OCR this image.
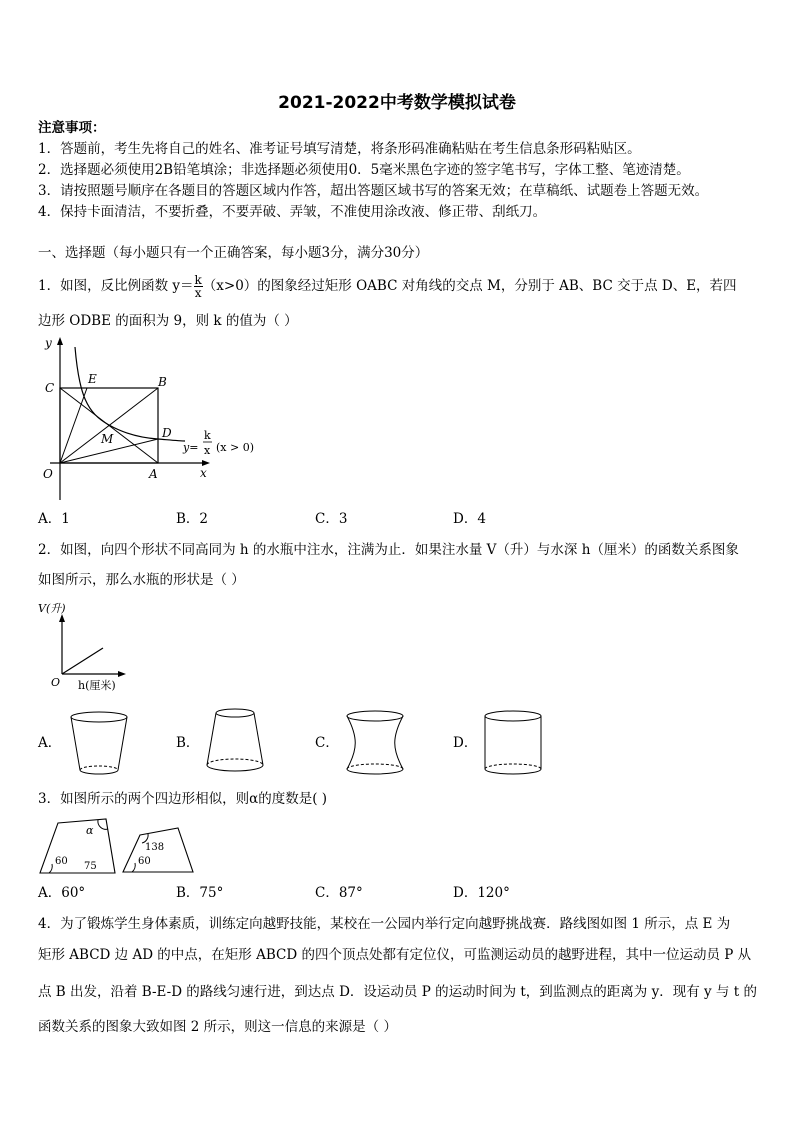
2021-2022中考数学模拟试卷
注意事项：
1．答题前，考生先将自己的姓名、准考证号填写清楚，将条形码准确粘贴在考生信息条形码粘贴区。
2．选择题必须使用2B铅笔填涂；非选择题必须使用0．5毫米黑色字迹的签字笔书写，字体工整、笔迹清楚。
3．请按照题号顺序在各题目的答题区域内作答，超出答题区域书写的答案无效；在草稿纸、试题卷上答题无效。
4．保持卡面清洁，不要折叠，不要弄破、弄皱，不准使用涂改液、修正带、刮纸刀。
一、选择题（每小题只有一个正确答案，每小题3分，满分30分）
1．如图，反比例函数 $y= \frac{k}{x} (x>0)$的图象经过矩形 OABC 对角线的交点 M，分别于 AB、BC 交于点 D、E，若四
边形 ODBE 的面积为 9，则 k 的值为（ ）
y
x
O	A
B
C
D
E
M
y=
k
x (x > 0)
A．1	B．2	C．3	D．4
2．如图，向四个形状不同高同为 h 的水瓶中注水，注满为止．如果注水量 V（升）与水深 h（厘米）的函数关系图象
如图所示，那么水瓶的形状是（ ）
V(升)
O h(厘米)
A．	B．	C．	D．
3．如图所示的两个四边形相似，则α的度数是( )
60 75
α
60
138
A．60°	B．75°	C．87°	D．120°
4．为了锻炼学生身体素质，训练定向越野技能，某校在一公园内举行定向越野挑战赛．路线图如图 1 所示，点 E 为
矩形 ABCD 边 AD 的中点，在矩形 ABCD 的四个顶点处都有定位仪，可监测运动员的越野进程，其中一位运动员 P 从
点 B 出发，沿着 B-E-D 的路线匀速行进，到达点 D．设运动员 P 的运动时间为 t，到监测点的距离为 y．现有 y 与 t 的
函数关系的图象大致如图 2 所示，则这一信息的来源是（ ）
